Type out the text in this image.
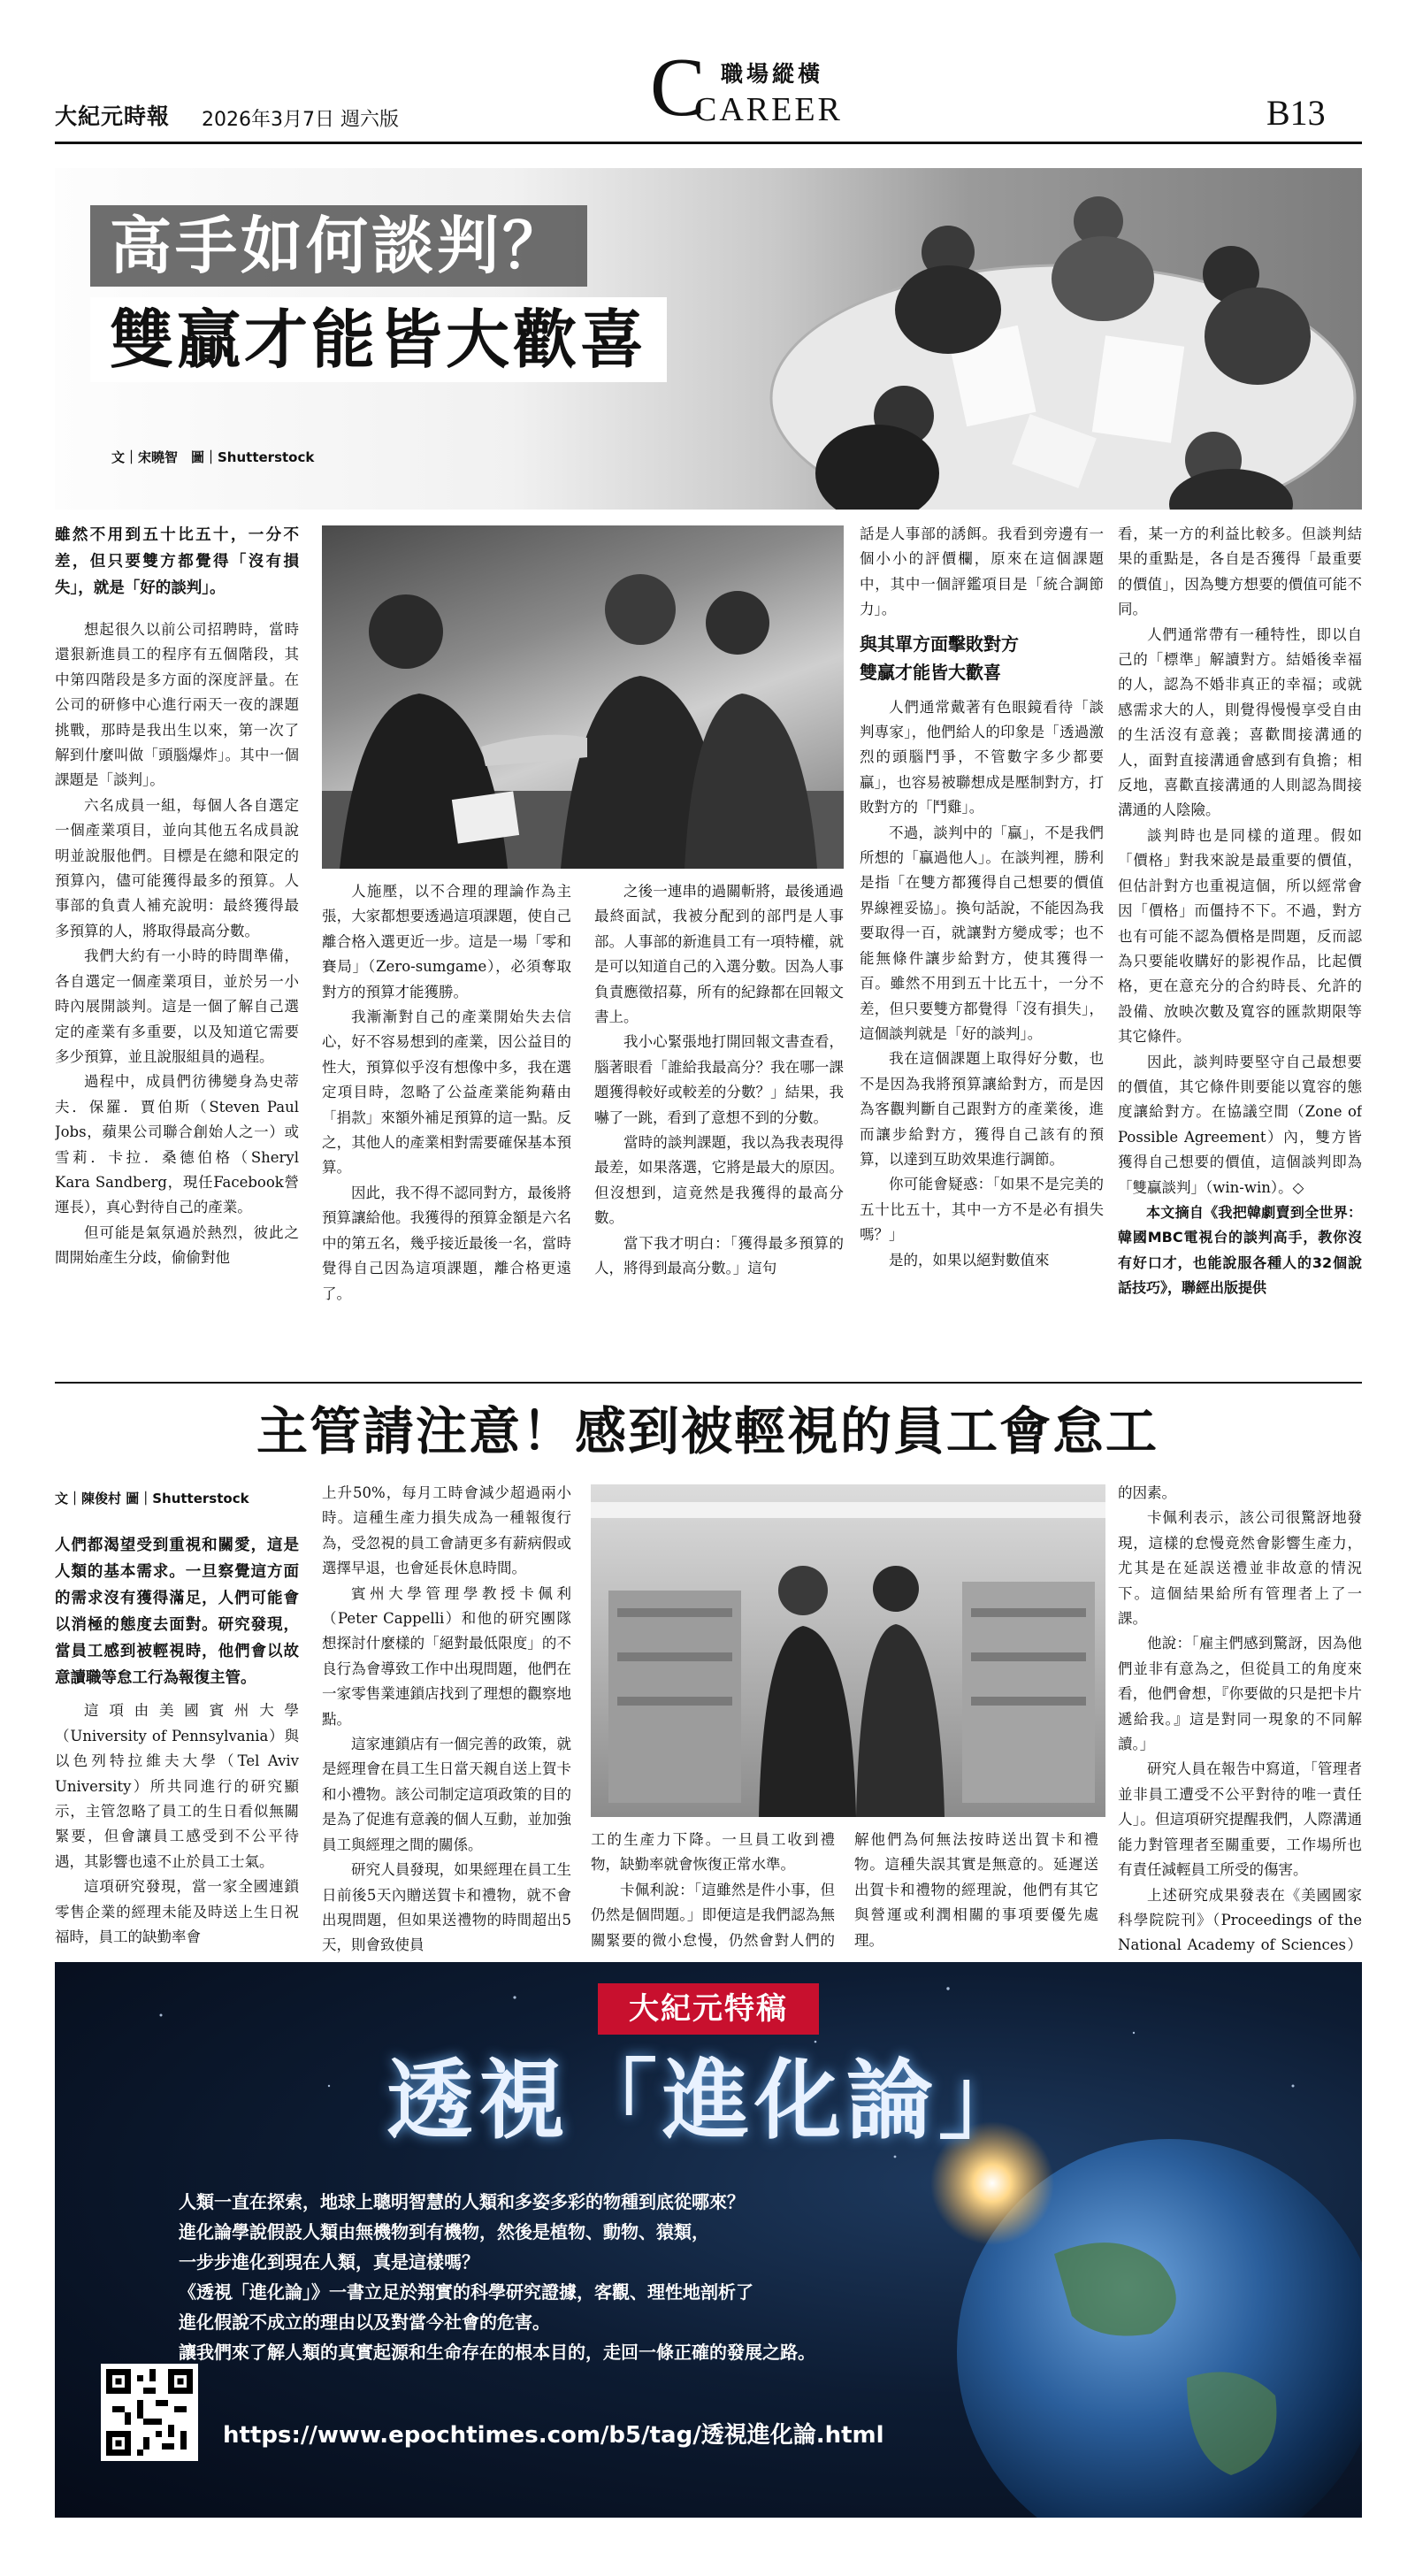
大紀元時報 2026年3月7日 週六版	C 職場縱橫
CAREER	B13
高手如何談判？
雙贏才能皆大歡喜
文｜宋曉智　圖｜Shutterstock

雖然不用到五十比五十，一分不差，但只要雙方都覺得「沒有損失」，就是「好的談判」。

想起很久以前公司招聘時，當時還狠新進員工的程序有五個階段，其中第四階段是多方面的深度評量。在公司的研修中心進行兩天一夜的課題挑戰，那時是我出生以來，第一次了解到什麼叫做「頭腦爆炸」。其中一個課題是「談判」。

六名成員一組，每個人各自選定一個產業項目，並向其他五名成員說明並說服他們。目標是在總和限定的預算內，儘可能獲得最多的預算。人事部的負責人補充說明：最終獲得最多預算的人，將取得最高分數。

我們大約有一小時的時間準備，各自選定一個產業項目，並於另一小時內展開談判。這是一個了解自己選定的產業有多重要，以及知道它需要多少預算，並且說服組員的過程。

過程中，成員們彷彿變身為史蒂夫．保羅．賈伯斯（Steven Paul Jobs，蘋果公司聯合創始人之一）或雪莉．卡拉．桑德伯格（Sheryl Kara Sandberg，現任Facebook營運長），真心對待自己的產業。

但可能是氣氛過於熱烈，彼此之間開始產生分歧，偷偷對他

人施壓，以不合理的理論作為主張，大家都想要透過這項課題，使自己離合格入選更近一步。這是一場「零和賽局」（Zero-sumgame），必須奪取對方的預算才能獲勝。

我漸漸對自己的產業開始失去信心，好不容易想到的產業，因公益目的性大，預算似乎沒有想像中多，我在選定項目時，忽略了公益產業能夠藉由「捐款」來額外補足預算的這一點。反之，其他人的產業相對需要確保基本預算。

因此，我不得不認同對方，最後將預算讓給他。我獲得的預算金額是六名中的第五名，幾乎接近最後一名，當時覺得自己因為這項課題，離合格更遠了。

之後一連串的過關斬將，最後通過最終面試，我被分配到的部門是人事部。人事部的新進員工有一項特權，就是可以知道自己的入選分數。因為人事負責應徵招募，所有的紀錄都在回報文書上。

我小心緊張地打開回報文書查看，腦著眼看「誰給我最高分？我在哪一課題獲得較好或較差的分數？」結果，我嚇了一跳，看到了意想不到的分數。

當時的談判課題，我以為我表現得最差，如果落選，它將是最大的原因。但沒想到，這竟然是我獲得的最高分數。

當下我才明白：「獲得最多預算的人，將得到最高分數。」這句

話是人事部的誘餌。我看到旁邊有一個小小的評價欄，原來在這個課題中，其中一個評鑑項目是「統合調節力」。

與其單方面擊敗對方
雙贏才能皆大歡喜

人們通常戴著有色眼鏡看待「談判專家」，他們給人的印象是「透過激烈的頭腦鬥爭，不管數字多少都要贏」，也容易被聯想成是壓制對方，打敗對方的「鬥雞」。

不過，談判中的「贏」，不是我們所想的「贏過他人」。在談判裡，勝利是指「在雙方都獲得自己想要的價值界線裡妥協」。換句話說，不能因為我要取得一百，就讓對方變成零；也不能無條件讓步給對方，使其獲得一百。雖然不用到五十比五十，一分不差，但只要雙方都覺得「沒有損失」，這個談判就是「好的談判」。

我在這個課題上取得好分數，也不是因為我將預算讓給對方，而是因為客觀判斷自己跟對方的產業後，進而讓步給對方，獲得自己該有的預算，以達到互助效果進行調節。

你可能會疑惑：「如果不是完美的五十比五十，其中一方不是必有損失嗎？」

是的，如果以絕對數值來

看，某一方的利益比較多。但談判結果的重點是，各自是否獲得「最重要的價值」，因為雙方想要的價值可能不同。

人們通常帶有一種特性，即以自己的「標準」解讀對方。結婚後幸福的人，認為不婚非真正的幸福；或就感需求大的人，則覺得慢慢享受自由的生活沒有意義；喜歡間接溝通的人，面對直接溝通會感到有負擔；相反地，喜歡直接溝通的人則認為間接溝通的人陰險。

談判時也是同樣的道理。假如「價格」對我來說是最重要的價值，但估計對方也重視這個，所以經常會因「價格」而僵持不下。不過，對方也有可能不認為價格是問題，反而認為只要能收購好的影視作品，比起價格，更在意充分的合約時長、允許的設備、放映次數及寬容的匯款期限等其它條件。

因此，談判時要堅守自己最想要的價值，其它條件則要能以寬容的態度讓給對方。在協議空間（Zone of Possible Agreement）內，雙方皆獲得自己想要的價值，這個談判即為「雙贏談判」（win-win）。◇

本文摘自《我把韓劇賣到全世界：韓國MBC電視台的談判高手，教你沒有好口才，也能說服各種人的32個說話技巧》，聯經出版提供

主管請注意！感到被輕視的員工會怠工

文｜陳俊村 圖｜Shutterstock

人們都渴望受到重視和關愛，這是人類的基本需求。一旦察覺這方面的需求沒有獲得滿足，人們可能會以消極的態度去面對。研究發現，當員工感到被輕視時，他們會以故意讀職等怠工行為報復主管。

這項由美國賓州大學（University of Pennsylvania）與以色列特拉維夫大學（Tel Aviv University）所共同進行的研究顯示，主管忽略了員工的生日看似無關緊要，但會讓員工感受到不公平待遇，其影響也遠不止於員工士氣。

這項研究發現，當一家全國連鎖零售企業的經理未能及時送上生日祝福時，員工的缺勤率會

上升50%，每月工時會減少超過兩小時。這種生產力損失成為一種報復行為，受忽視的員工會請更多有薪病假或選擇早退，也會延長休息時間。

賓州大學管理學教授卡佩利（Peter Cappelli）和他的研究團隊想探討什麼樣的「絕對最低限度」的不良行為會導致工作中出現問題，他們在一家零售業連鎖店找到了理想的觀察地點。

這家連鎖店有一個完善的政策，就是經理會在員工生日當天親自送上賀卡和小禮物。該公司制定這項政策的目的是為了促進有意義的個人互動，並加強員工與經理之間的關係。

研究人員發現，如果經理在員工生日前後5天內贈送賀卡和禮物，就不會出現問題，但如果送禮物的時間超出5天，則會致使員

工的生產力下降。一旦員工收到禮物，缺勤率就會恢復正常水準。

卡佩利說：「這雖然是件小事，但仍然是個問題。」即便這是我們認為無關緊要的微小怠慢，仍然會對人們的

解他們為何無法按時送出賀卡和禮物。這種失誤其實是無意的。延遲送出賀卡和禮物的經理說，他們有其它與營運或利潤相關的事項要優先處理。

的因素。

卡佩利表示，該公司很驚訝地發現，這樣的怠慢竟然會影響生產力，尤其是在延誤送禮並非故意的情況下。這個結果給所有管理者上了一課。

他說：「雇主們感到驚訝，因為他們並非有意為之，但從員工的角度來看，他們會想，『你要做的只是把卡片遞給我。』這是對同一現象的不同解讀。」

研究人員在報告中寫道，「管理者並非員工遭受不公平對待的唯一責任人」。但這項研究提醒我們，人際溝通能力對管理者至關重要，工作場所也有責任減輕員工所受的傷害。

上述研究成果發表在《美國國家科學院院刊》（Proceedings of the National Academy of Sciences）

大紀元特稿
透視「進化論」
人類一直在探索，地球上聰明智慧的人類和多姿多彩的物種到底從哪來？
進化論學說假設人類由無機物到有機物，然後是植物、動物、猿類，
一步步進化到現在人類，真是這樣嗎？
《透視「進化論」》一書立足於翔實的科學研究證據，客觀、理性地剖析了
進化假說不成立的理由以及對當今社會的危害。
讓我們來了解人類的真實起源和生命存在的根本目的，走回一條正確的發展之路。
https://www.epochtimes.com/b5/tag/透視進化論.html
